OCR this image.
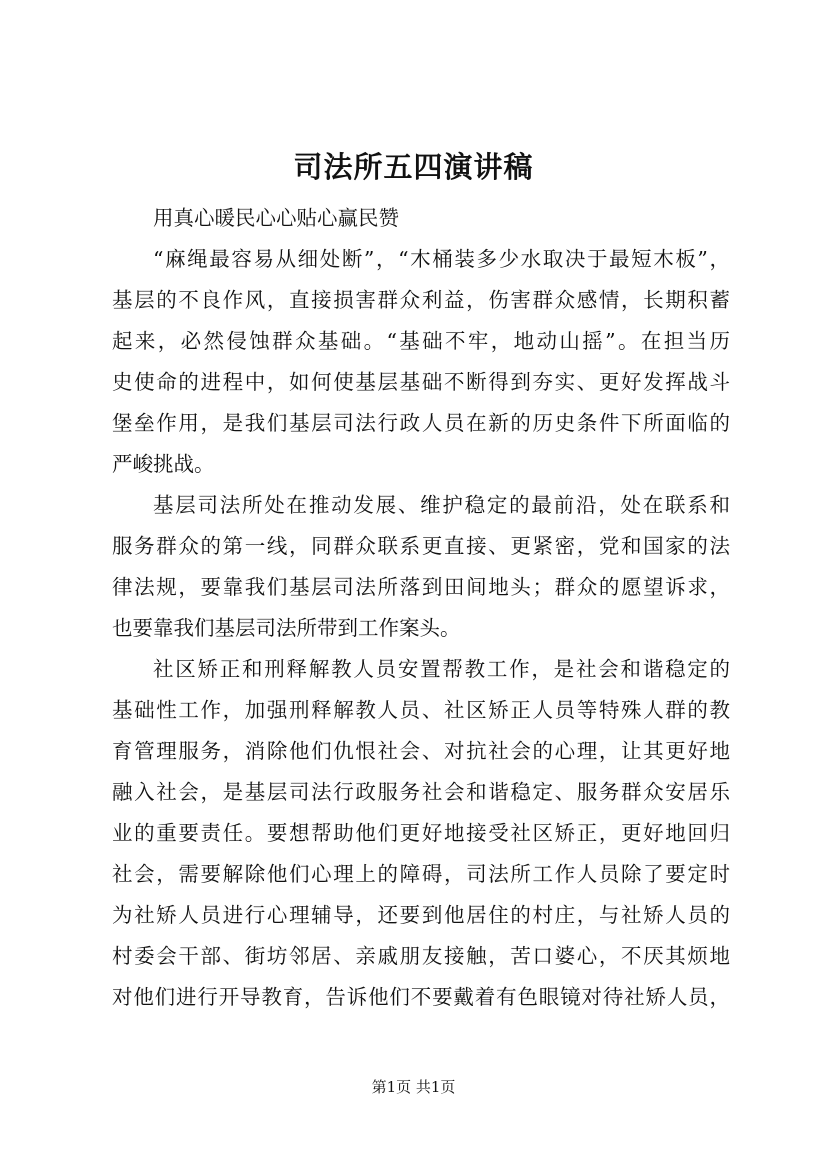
司法所五四演讲稿
用真心暖民心心贴心赢民赞
“麻绳最容易从细处断”，“木桶装多少水取决于最短木板”，
基层的不良作风，直接损害群众利益，伤害群众感情，长期积蓄
起来，必然侵蚀群众基础。“基础不牢，地动山摇”。在担当历
史使命的进程中，如何使基层基础不断得到夯实、更好发挥战斗
堡垒作用，是我们基层司法行政人员在新的历史条件下所面临的
严峻挑战。
基层司法所处在推动发展、维护稳定的最前沿，处在联系和
服务群众的第一线，同群众联系更直接、更紧密，党和国家的法
律法规，要靠我们基层司法所落到田间地头；群众的愿望诉求，
也要靠我们基层司法所带到工作案头。
社区矫正和刑释解教人员安置帮教工作，是社会和谐稳定的
基础性工作，加强刑释解教人员、社区矫正人员等特殊人群的教
育管理服务，消除他们仇恨社会、对抗社会的心理，让其更好地
融入社会，是基层司法行政服务社会和谐稳定、服务群众安居乐
业的重要责任。要想帮助他们更好地接受社区矫正，更好地回归
社会，需要解除他们心理上的障碍，司法所工作人员除了要定时
为社矫人员进行心理辅导，还要到他居住的村庄，与社矫人员的
村委会干部、街坊邻居、亲戚朋友接触，苦口婆心，不厌其烦地
对他们进行开导教育，告诉他们不要戴着有色眼镜对待社矫人员，
第1页 共1页
